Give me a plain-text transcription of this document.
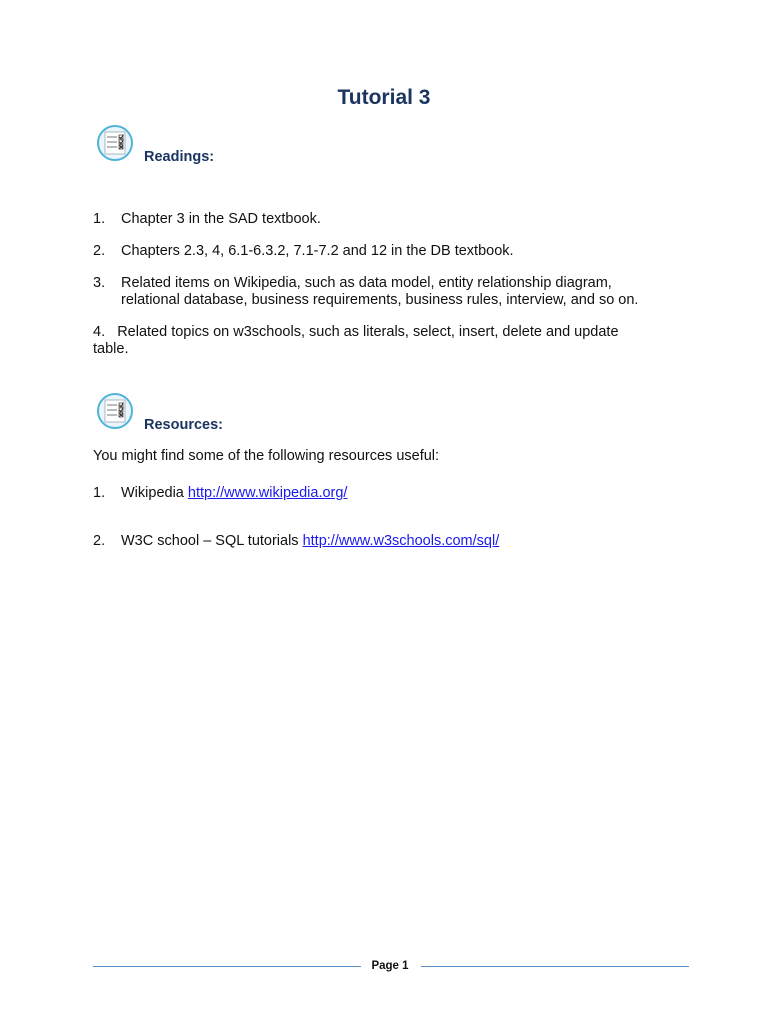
Tutorial 3
Readings:
1. Chapter 3 in the SAD textbook.
2. Chapters 2.3, 4, 6.1-6.3.2, 7.1-7.2 and 12 in the DB textbook.
3. Related items on Wikipedia, such as data model, entity relationship diagram,
relational database, business requirements, business rules, interview, and so on.
4. Related topics on w3schools, such as literals, select, insert, delete and update
table.
Resources:
You might find some of the following resources useful:
1. Wikipedia http://www.wikipedia.org/
2. W3C school – SQL tutorials http://www.w3schools.com/sql/
Page 1
